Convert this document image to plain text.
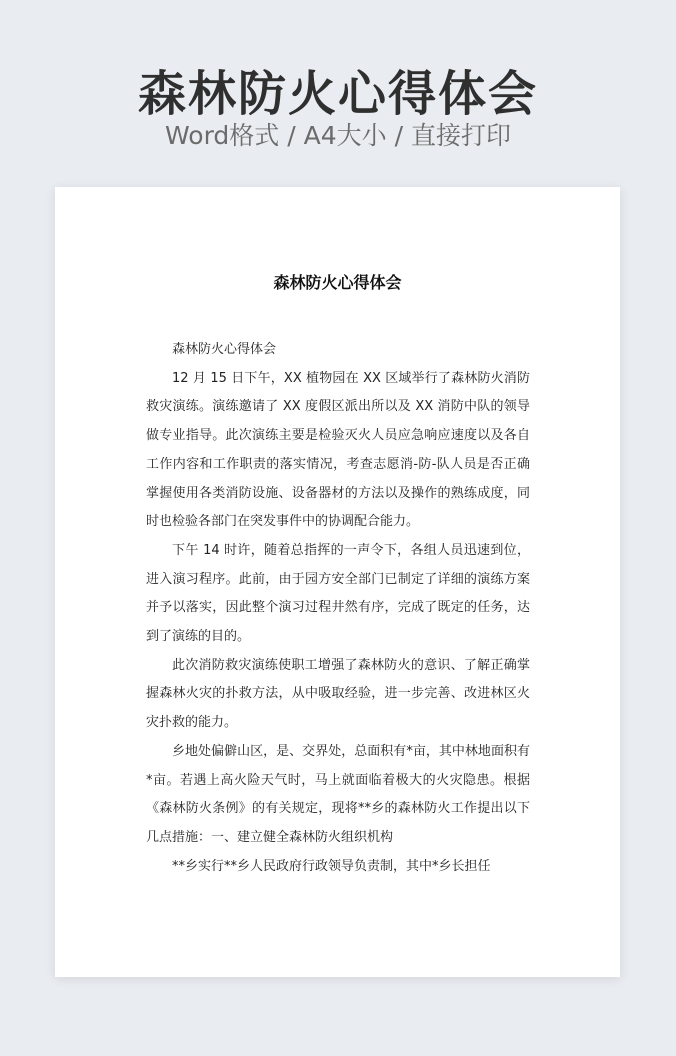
森林防火心得体会
Word格式 / A4大小 / 直接打印
森林防火心得体会

森林防火心得体会

12 月 15 日下午，XX 植物园在 XX 区域举行了森林防火消防救灾演练。演练邀请了 XX 度假区派出所以及 XX 消防中队的领导做专业指导。此次演练主要是检验灭火人员应急响应速度以及各自工作内容和工作职责的落实情况，考查志愿消-防-队人员是否正确掌握使用各类消防设施、设备器材的方法以及操作的熟练成度，同时也检验各部门在突发事件中的协调配合能力。

下午 14 时许，随着总指挥的一声令下，各组人员迅速到位，进入演习程序。此前，由于园方安全部门已制定了详细的演练方案并予以落实，因此整个演习过程井然有序，完成了既定的任务，达到了演练的目的。

此次消防救灾演练使职工增强了森林防火的意识、了解正确掌握森林火灾的扑救方法，从中吸取经验，进一步完善、改进林区火灾扑救的能力。

乡地处偏僻山区，是、交界处，总面积有*亩，其中林地面积有*亩。若遇上高火险天气时，马上就面临着极大的火灾隐患。根据《森林防火条例》的有关规定，现将**乡的森林防火工作提出以下几点措施：一、建立健全森林防火组织机构

**乡实行**乡人民政府行政领导负责制，其中*乡长担任
